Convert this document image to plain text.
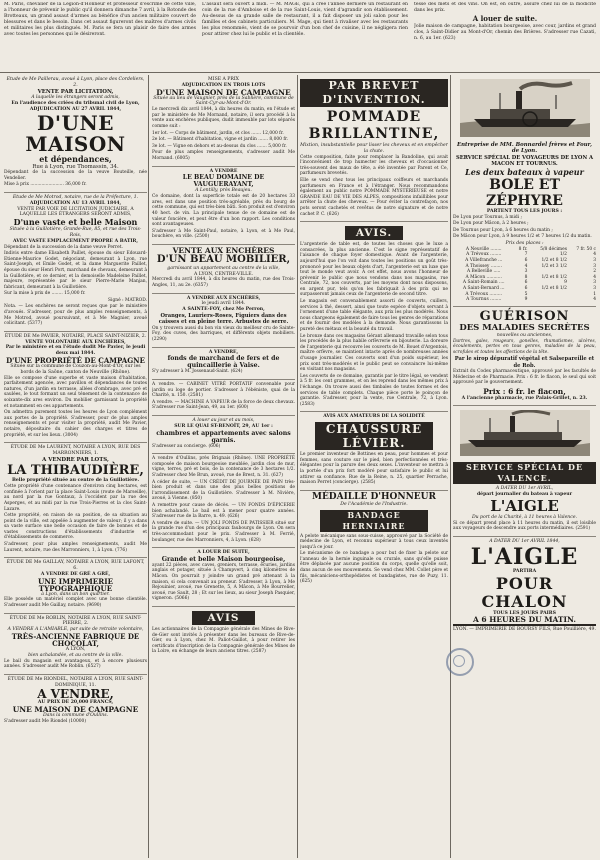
M. Paris, chevalier de la Légion-d'Honneur et professeur d'escrime de cette ville, a l'honneur de prévenir le public qu'il donnera dimanche 7 avril, à la Rotonde des Brotteaux, un grand assaut d'armes au bénéfice d'un ancien militaire couvert de blessures et dans le besoin. Dans cet assaut figureront des maîtres d'armes civils et militaires les plus distingués. M. Paris se fera un plaisir de faire des armes avec toutes les personnes qui le désireront.
L'assaut sera ouvert à midi. — M. MAGE, qui a créé l'année dernière un restaurant en coin de la rue d'Amboise et de la rue Saint-Louis, vient d'agrandir son établissement. Au-dessus de sa grande salle de restaurant, il a fait disposer un joli salon pour les familles et des cabinets particuliers. M. Mage, qui tient à rivaliser avec les restaurants les plus renommés, vient de se pourvoir d'un bon chef de cuisine, il ne négligera rien pour attirer chez lui le public et la clientèle.
tesse des mets et des vins. On est, en outre, assuré chez lui de la modicité dans les prix.
A louer de suite.
Jolie maison de campagne, habitation bourgeoise, avec cour, jardins et grand clos, à Saint-Didier au Mont-d'Or, chemin des Brières. S'adresser rue Cazati, n. 6, au 1er. (623)
Etude de Me Paillerau, avoué à Lyon, place des Cordeliers, 2.
VENTE PAR LICITATION,
A laquelle les étrangers seront admis,
En l'audience des criées du tribunal civil de Lyon, ADJUDICATION AU 27 AVRIL 1844,
D'UNE MAISON
et dépendances,
Rue à Lyon, rue Thomassin, 34.
Dépendant de la succession de la veuve Bouteille, née Vendelier.
Mise à prix ........................ 36,000 fr.
Etude de Me Motrod, notaire, rue de la Préfecture, 1.
ADJUDICATION AU 13 AVRIL 1844,
VENTE PAR VOIE DE LICITATION JUDICIAIRE, A LAQUELLE LES ÉTRANGERS SERONT ADMIS,
D'une vaste et belle Maison
Située à la Guillotière, Grande-Rue, 85, et rue des Trois-Rois,
AVEC VASTE EMPLACEMENT PROPRE A BATIR,
Dépendant de la succession de la dame veuve Perret.
Indivis entre dame Elisabeth Paillet, épouse du sieur Edouard-Etienne-Maurice Godet, négociant, demeurant à Lyon, rue Saint-Joseph, et Emile Godet, et la dame Marguerite Paillet, épouse du sieur Henri Port, marchand de chevaux, demeurant à la Guillotière, et ce dernier, et la demoiselle Madeleine Paillet, majeure, représentée par le sieur Pierre-Marie Manjan, fabricant, demeurant à la Guillotière.
Sur la mise à prix de ........ 15,000 fr.
Signé : MATROD.
Nota. — Les enchères ne seront reçues que par le ministère d'avoués. S'adresser, pour de plus amples renseignements, à Me Motrod, avoué poursuivant, et à Me Magnier, avoué colicitant. (5377)
ÉTUDE DE Me PAVIER, NOTAIRE, PLACE SAINT-NIZIER, 2.
VENTE VOLONTAIRE AUX ENCHÈRES,
Par le ministère et en l'étude dudit Me Pavier, le jeudi deux mai 1844.
D'UNE PROPRIÉTÉ DE CAMPAGNE
Située sur la commune de Couzon-au-Mont-d'Or, sur les bords de la Saône, canton de Neuville (Rhône).
Elle se compose d'une superbe et vaste maison d'habitation, parfaitement agencée, avec pavillon et dépendances de toutes natures, d'un jardin en terrasse, allées d'ombrage, avec pré et saulées, le tout formant un seul ténement de la contenance de soixante-dix ares environ. Du mobilier garnissant la propriété et notamment en ces appartements.
On admettra purement toutes les heures de Lyon complément aux portes de la propriété. S'adresser, pour de plus amples renseignements et pour visiter la propriété, audit Me Pavier, notaire, dépositaire du cahier des charges et titres de propriété, et sur les lieux. (3004)
ÉTUDE DE Me LAURENT, NOTAIRE A LYON, RUE DES MARRONNIERS, 1.
A VENDRE PAR LOTS,
LA THIBAUDIÈRE,
Belle propriété située au centre de la Guillotière.
Cette propriété d'une contenance d'environ cinq hectares, est confinée à l'orient par la place Saint-Louis (route de Marseille), au nord par la rue Gontaux, à l'occident par la rue des Asperges, et au midi par la rue Trois-Pierres et la clos Saint-Lazare.
Cette propriété, en raison de sa position, de sa situation au point de la ville, est appelée à augmenter de valeur; il y a dans sa vaste surface une belle occasion de faire de bonnes et de vastes constructions d'établissements d'industrie et d'établissements de commerce.
S'adresser, pour plus amples renseignements, audit Me Laurent, notaire, rue des Marronniers, 1, à Lyon. (776)
ÉTUDE DE Me GAILLAY, NOTAIRE A LYON, RUE LAFONT, 6.
A VENDRE DE GRÉ A GRÉ,
UNE IMPRIMERIE TYPOGRAPHIQUE
à Lyon, dans un bon quartier.
Elle possède un matériel complet avec une bonne clientèle. S'adresser audit Me Gaillay, notaire. (9690)
ÉTUDE DE Me ROBLIN, NOTAIRE A LYON, RUE SAINT-PIERRE, 2.
A VENDRE A L'AMIABLE, par suite de retraite volontaire,
TRÈS-ANCIENNE FABRIQUE DE CHOCOLAT,
A LYON,
bien achalandée, et au centre de la ville.
Le bail du magasin est avantageux, et à encore plusieurs années. S'adresser audit Me Roblin. (6527)
ÉTUDE DE Me RIONDEL, NOTAIRE A LYON, RUE SAINT-DOMINIQUE, 11.
A VENDRE,
AU PRIX DE 20,000 FRANCS,
UNE MAISON DE CAMPAGNE
Dans la commune d'Oullins.
S'adresser audit Me Riondel (10000)
MISE A PRIX
ADJUDICATION EN TROIS LOTS
D'UNE MAISON DE CAMPAGNE
Située au lieu de Vaugnier, près de la Sablière, commune de Saint-Cyr-au-Mont-d'Or.
Le mercredi dix avril 1844, à dix heures du matin, en l'étude et par le ministère de Me Mornand, notaire, il sera procédé à la vente aux enchères publiques, dudit immeuble par lots séparés comme suit :
1er lot. — Corps de bâtiment, jardin, et clos ....... 12,000 fr.
2e lot. — Bâtiment d'habitation, vigne et jardin ....... 8,000 fr.
3e lot. — Vigne en dehors et au-dessus du clos ....... 5,000 fr.
Pour de plus amples renseignements, s'adresser audit Me Mornand. (6005)
A VENDRE
LE BEAU DOMAINE DE VAUGUERAYANT,
A Lentilly, près Beaujeu.
Ce domaine, dont la superficie totale est de 20 hectares 33 ares, est dans une position très-agréable, près du bourg de cette commune, qui est très-bien bâti. Son produit est d'environ 40 hect. de vin. La principale tenue de ce domaine est de valeur foncière, et peut être d'un bon rapport. Les conditions sont avantageuses.
S'adresser à Me Saint-Paul, notaire, à Lyon, et à Me Paul, bouchère, en ville. (2500)
VENTE AUX ENCHÈRES
D'UN BEAU MOBILIER,
garnissant un appartement au centre de la ville,
A LYON, CENTRE-VILLE.
Mercredi du avril 1844, à dix heures du matin, rue des Trois-Angles, 11, au 2e. (6357)
A VENDRE AUX ENCHÈRES,
le jeudi avril 1844.
A SAINTE-FOY, chez Me Perron,
Oranges, Lauriers-Roses, Figuiers dans des caisses et en pleine terre. Arbustes de serre.
On y trouvera aussi du bon vin vieux du meilleur cru de Sainte-Foy, des cuves, des barriques, et différents objets mobiliers. (2290)
A VENDRE,
fonds de marchand de fers et de quincaillerie à Vaise.
S'y adresser à M. Jossenaud-Saint. (624)
A vendre. — CABINET VITRÉ PORTATIF convenable pour jardin ou loge de portier. S'adresser à l'ébéniste, quai de la Charité, n. 150. (2581)
A vendre. — MACHINE A VAPEUR de la force de deux chevaux. S'adresser rue Saint-Jean, 49, au 1er. (600)
A louer au jour et au mois,
SUR LE QUAI ST-BENOÎT, 29, AU 1er :
chambres et appartements avec salons garnis.
S'adresser au concierge. (606)
A vendre d'Oullins, près Brignais (Rhône). UNE PROPRIÉTÉ composée de maison bourgeoise meublée, jardin clos de mur, vigne, terres, pré et bois, de la contenance de 3 hectares 1/2. S'adresser chez Me Brun, avoué, rue de Brest, n. 31. (627)
A céder de suite, — UN CRÉDIT DE JOURNÉE DE PAIN très-bien produit et dans une des plus belles positions de l'arrondissement de la Guillotière. S'adresser à M. Nivière, avoué, à Vienne. (850)
A remettre pour cause de décès. — UN FONDS D'ÉPICERIE bien achalandé. Le bail est à mener pour quatre années. S'adresser rue de la Barre, n. 49. (626)
A vendre de suite. — UN JOLI FONDS DE PATISSIER situé sur la grande rue d'un des principaux faubourgs de Lyon. On sera très-accommodant pour le prix. S'adresser à M. Ferrié, boulanger, rue des Marronniers, 4, à Lyon. (628)
A LOUER DE SUITE,
Grande et belle Maison bourgeoise,
ayant 22 pièces, avec caves, greniers, terrasse, écuries, jardins anglais et potager, située à Champvert, à cinq kilomètres de Mâcon. On pourrait y joindre un grand pré attenant à la maison, si cela convenait au preneur. S'adresser, à Lyon, à Me Rejouinier, avoué, rue Grenette, 5, A Mâcon, à Me Bourrelier, avoué, rue Sault, 28 ; Et sur les lieux, au sieur Joseph Pasquier, vigneron. (5066)
AVIS
Les actionnaires de la Compagnie générale des Mines de Rive-de-Gier sont invités à présenter dans les bureaux de Rive-de-Gier, ou à Lyon, chez M. Paliot-Gaillot, à pour retirer les certificats d'inscription de la Compagnie générale des Mines de la Loire, en échange de leurs anciens titres. (2587)
PAR BREVET D'INVENTION.
POMMADE BRILLANTINE,
Mixtion, insubstantielle pour lisser les cheveux et en empêcher la chute.
Cette composition, faite pour remplacer la Bandoline, qui avait l'inconvénient de trop humecter les cheveux et d'occasionner très-souvent des maux de tête, a été inventée par Parent et Ce, parfumeurs brevetés.
Elle se vend chez tous les principaux coiffeurs et marchands parfumeurs en France et à l'étranger. Nous recommandons également au public notre POMMADE MYSTÉRIEUSE et notre GRANDE EAU DE VIE DES ALPES, compositions infaillibles pour arrêter la chute des cheveux. — Pour éviter la contrefaçon, nos pots seront cachetés et revêtus de notre signature et de notre cachet P. C. (626)
AVIS.
L'argenterie de table est, de toutes les choses que le luxe a consacrées, la plus ancienne. C'est le signe représentatif de l'aisance de chaque foyer domestique. Avant de l'argenterie, aujourd'hui que l'on voit dans toutes les positions un goût très-prononcé pour les beaux objets d'art, l'argenterie est un luxe que tout le monde veut avoir. A cet effet, nous avons l'honneur de prévenir le public que nous vendons dans nos magasins, rue Centrale, 72, nos couverts, par les moyens dont nous disposons, en argent pur, tels qu'on les fabriquait à des prix qui ne surpasseront jamais ceux de l'argenterie de second titre.
Le magasin est convenablement assorti de couverts, cuillers, services à thé, dessert, ainsi que toute espèce d'objets servant à l'ornement d'une table élégante, aux prix les plus modérés. Nous nous chargeons également de faire tous les genres de réparations et de fournir des modèles à la demande. Nous garantissons la pureté des métaux et la beauté du travail.
Le bronze dans ces magasins Gérant allemand travaille selon tous les procédés de la plus habile orfèvrerie en bijouterie. La doreure de l'argenterie qui recouvre les couverts de M. Bouet d'Argentois, maître orfèvre, se maintient intacte après de nombreuses années d'usage journalier. Ces couverts sont d'un poids supérieur, les prix sont très-modérés et le public peut se convaincre lui-même en visitant nos magasins.
Les couverts de ce domaine, garantis par le titre légal, se vendent à 5 fr. les cent grammes, et on les reprend dans les mêmes prix à l'échange. On trouve aussi des timbales de toutes formes et des services de table complets. Chaque pièce porte le poinçon de garantie. S'adresser, pour la vente, rue Centrale, 72, à Lyon. (2583)
AVIS AUX AMATEURS DE LA SOLIDITÉ
CHAUSSURE LÉVIER.
Le premier inventeur de Bottines en peau, pour hommes et pour femmes, sans couture sur le pied, bien perfectionnées et très-élégantes pour la parure des deux sexes. L'inventeur se mettra à la portée d'un prix fort modéré pour satisfaire le public et lui attirer sa confiance. Rue de la Reine, n. 25, quartier Perrache, maison Perret (concierge). (2585)
MÉDAILLE D'HONNEUR
De l'Académie de l'Industrie.
BANDAGE HERNIAIRE
A pelote mécanique sans sous-cuisse, approuvé par la Société de médecine de Lyon, et reconnu supérieur à tous ceux inventés jusqu'à ce jour.
Le mécanisme de ce bandage a pour but de fixer la pelote sur l'anneau de la hernie inguinale ou crurale, sans qu'elle puisse être déplacée par aucune position du corps, quelle qu'elle soit, dans aucun de ses mouvements. Se vend chez MM. Collet père et fils, mécaniciens-orthopédistes et bandagistes, rue de Puzy, 11. (625)
Entreprise de MM. Bonnardel frères et Four, de Lyon.
SERVICE SPÉCIAL DE VOYAGEURS DE LYON A MACON ET TOURNUS.
Les deux bateaux à vapeur
BOLE ET ZÉPHYRE
PARTENT TOUS LES JOURS :
De Lyon pour Tournus, à midi ;
De Lyon pour Mâcon, à 2 heures ;
De Tournus pour Lyon, à 6 heures du matin ;
De Mâcon pour Lyon, à 9 heures 1/2 et 7 heures 1/2 du matin.
Prix des places :
A Neuville ........	8 fr.	5/8 décimes	7 fr. 50 c
A Trévoux ........	7	1/2	4
A Villefranche ...	6	1/2 et 8 1/2	3
A Thoissey ........	4	1/2 et 3 1/2	3
A Belleville .....	3		2
A Mâcon ...........	8	1/2 et 8 1/2	4
A Saint-Romain ....	6	9	3
A Saint-Bernard ...	6	1/2 et 8 1/2	3
A Trévoux .........	5		1
A Tournus ........	9		4
GUÉRISON
DES MALADIES SECRÈTES
nouvelles ou anciennes,
Dartres, gales, rougeurs, gonelles, rhumatismes, ulcères, écoulements, pertes en tous genres, maladies de la peau, scrofules et toutes les affections de la tête.
Par le sirop dépuratif végétal et Salsepareille et de Rob.
Extrait du Codex pharmaceutique, approuvé par les facultés de Médecine et de Pharmacie. Prix : 6 fr. le flacon, le seul qui soit approuvé par le gouvernement.
Prix : 6 fr. le flacon,
A l'ancienne pharmacie, rue Palais-Grillet, n. 23.
SERVICE SPÉCIAL DE VALENCE.
A DATER DU 1er AVRIL,
départ journalier du bateau à vapeur
L'AIGLE
Du port de la Charité, à 11 heures à Valence.
Si ce départ prend place à 11 heures du matin, il est loisible aux voyageurs de descendre aux ports intermédiaires. (2591)
A DATER DU 1er AVRIL 1844,
L'AIGLE
PARTIRA
POUR CHALON
TOUS LES JOURS PAIRS
A 6 HEURES DU MATIN.
LYON. — IMPRIMERIE DE BOURSY FILS, Rue Pouillière, 49.
